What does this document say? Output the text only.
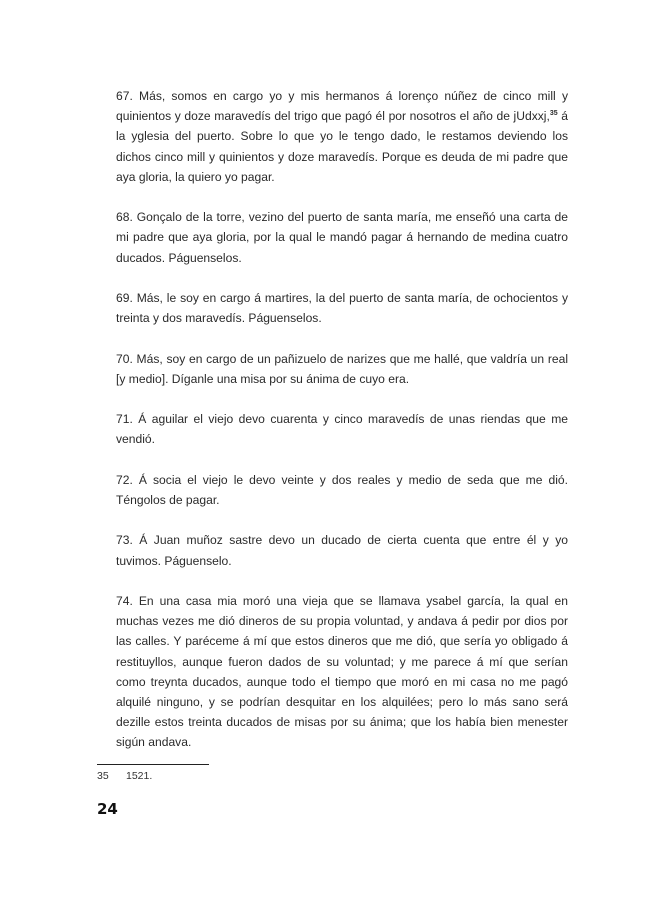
67. Más, somos en cargo yo y mis hermanos á lorenço núñez de cinco mill y quinientos y doze maravedís del trigo que pagó él por nosotros el año de jUdxxj,$^{35}$ á la yglesia del puerto. Sobre lo que yo le tengo dado, le restamos deviendo los dichos cinco mill y quinientos y doze maravedís. Porque es deuda de mi padre que aya gloria, la quiero yo pagar.

68. Gonçalo de la torre, vezino del puerto de santa maría, me enseñó una carta de mi padre que aya gloria, por la qual le mandó pagar á hernando de medina cuatro ducados. Páguenselos.

69. Más, le soy en cargo á martires, la del puerto de santa maría, de ochocientos y treinta y dos maravedís. Páguenselos.

70. Más, soy en cargo de un pañizuelo de narizes que me hallé, que valdría un real [y medio]. Díganle una misa por su ánima de cuyo era.

71. Á aguilar el viejo devo cuarenta y cinco maravedís de unas riendas que me vendió.

72. Á socia el viejo le devo veinte y dos reales y medio de seda que me dió. Téngolos de pagar.

73. Á Juan muñoz sastre devo un ducado de cierta cuenta que entre él y yo tuvimos. Páguenselo.

74. En una casa mia moró una vieja que se llamava ysabel garcía, la qual en muchas vezes me dió dineros de su propia voluntad, y andava á pedir por dios por las calles. Y paréceme á mí que estos dineros que me dió, que sería yo obligado á restituyllos, aunque fueron dados de su voluntad; y me parece á mí que serían como treynta ducados, aunque todo el tiempo que moró en mi casa no me pagó alquilé ninguno, y se podrían desquitar en los alquilées; pero lo más sano será dezille estos treinta ducados de misas por su ánima; que los había bien menester sigún andava.

35 1521.
24
